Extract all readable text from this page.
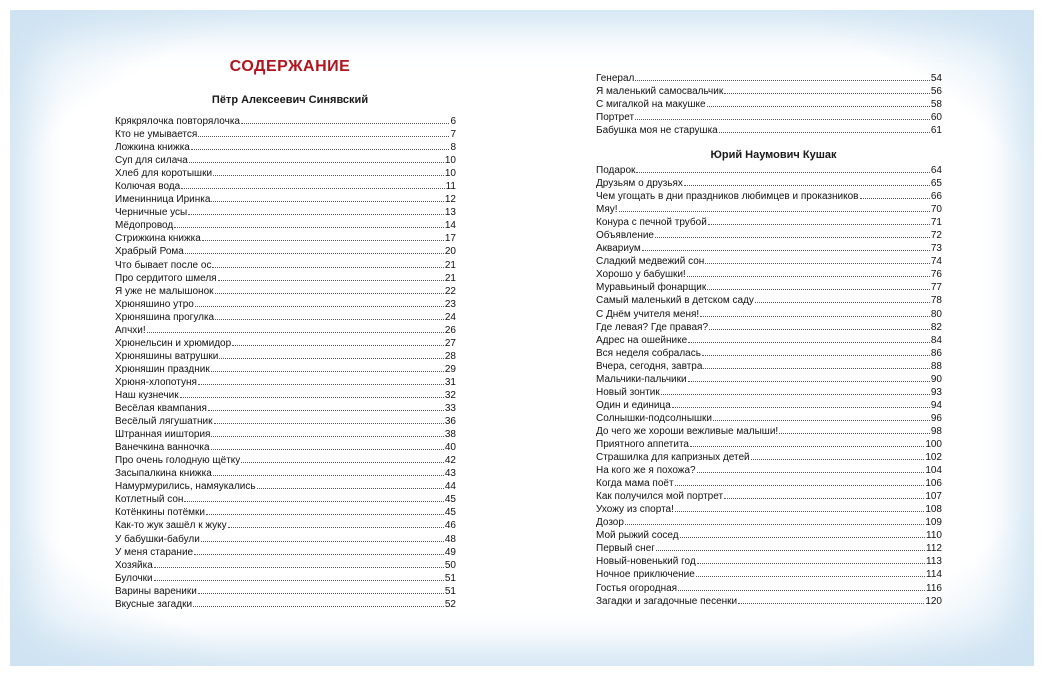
СОДЕРЖАНИЕ
Пётр Алексеевич Синявский
Крякрялочка повторялочка	6
Кто не умывается	7
Ложкина книжка	8
Суп для силача	10
Хлеб для коротышки	10
Колючая вода	11
Именинница Иринка	12
Черничные усы	13
Мёдопровод	14
Стрижкина книжка	17
Храбрый Рома	20
Что бывает после ос	21
Про сердитого шмеля	21
Я уже не малышонок	22
Хрюняшино утро	23
Хрюняшина прогулка	24
Апчхи!	26
Хрюнельсин и хрюмидор	27
Хрюняшины ватрушки	28
Хрюняшин праздник	29
Хрюня-хлопотуня	31
Наш кузнечик	32
Весёлая квампания	33
Весёлый лягушатник	36
Штранная ииштория	38
Ванечкина ванночка	40
Про очень голодную щётку	42
Засыпалкина книжка	43
Намурмурились, намяукались	44
Котлетный сон	45
Котёнкины потёмки	45
Как-то жук зашёл к жуку	46
У бабушки-бабули	48
У меня старание	49
Хозяйка	50
Булочки	51
Варины вареники	51
Вкусные загадки	52
Генерал	54
Я маленький самосвальчик	56
С мигалкой на макушке	58
Портрет	60
Бабушка моя не старушка	61
Юрий Наумович Кушак
Подарок	64
Друзьям о друзьях	65
Чем угощать в дни праздников любимцев и проказников	66
Мяу!	70
Конура с печной трубой	71
Объявление	72
Аквариум	73
Сладкий медвежий сон	74
Хорошо у бабушки!	76
Муравьиный фонарщик	77
Самый маленький в детском саду	78
С Днём учителя меня!	80
Где левая? Где правая?	82
Адрес на ошейнике	84
Вся неделя собралась	86
Вчера, сегодня, завтра	88
Мальчики-пальчики	90
Новый зонтик	93
Один и единица	94
Солнышки-подсолнышки	96
До чего же хороши вежливые малыши!	98
Приятного аппетита	100
Страшилка для капризных детей	102
На кого же я похожа?	104
Когда мама поёт	106
Как получился мой портрет	107
Ухожу из спорта!	108
Дозор	109
Мой рыжий сосед	110
Первый снег	112
Новый-новенький год	113
Ночное приключение	114
Гостья огородная	116
Загадки и загадочные песенки	120
